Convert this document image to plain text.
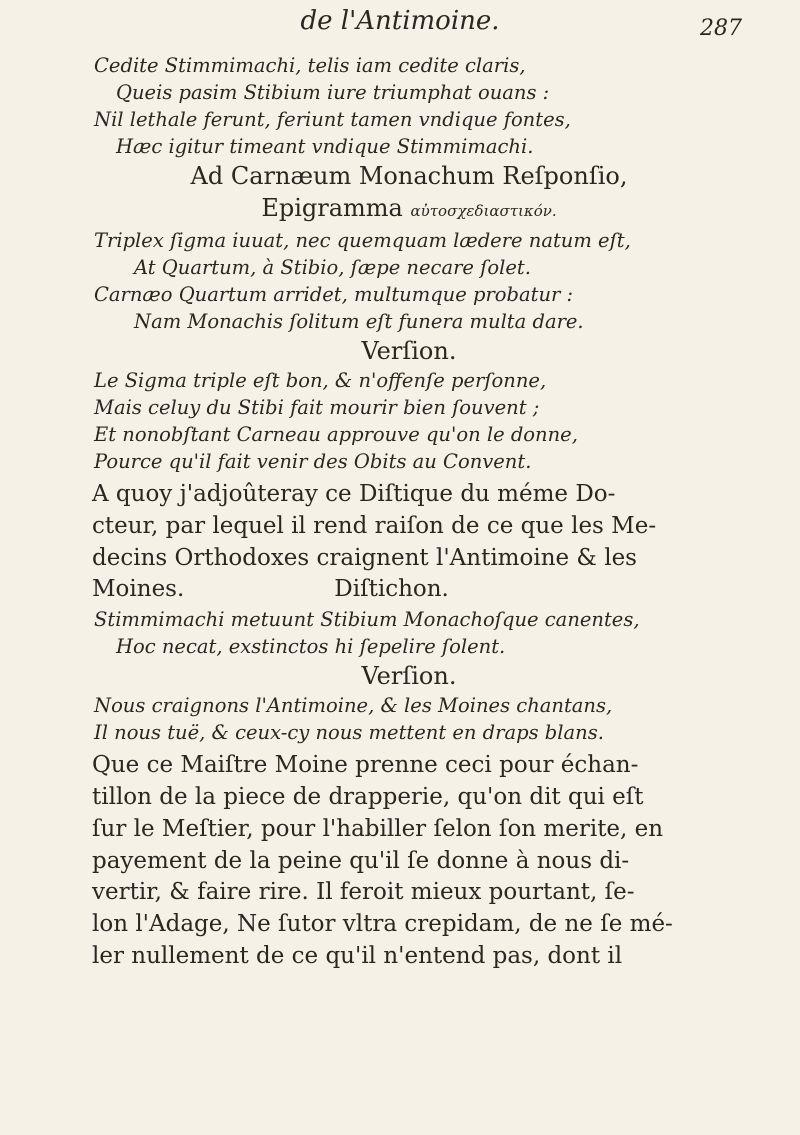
de l'Antimoine.	287
Cedite Stimmimachi, telis iam cedite claris,
Queis pasim Stibium iure triumphat ouans :
Nil lethale ferunt, feriunt tamen vndique fontes,
Hæc igitur timeant vndique Stimmimachi.
Ad Carnæum Monachum Reſponſio,
Epigramma αὐτοσχεδιαστικόν.
Triplex ſigma iuuat, nec quemquam lædere natum eſt,
At Quartum, à Stibio, ſæpe necare ſolet.
Carnæo Quartum arridet, multumque probatur :
Nam Monachis ſolitum eſt funera multa dare.
Verſion.
Le Sigma triple eſt bon, & n'offenſe perſonne,
Mais celuy du Stibi fait mourir bien ſouvent ;
Et nonobſtant Carneau approuve qu'on le donne,
Pource qu'il fait venir des Obits au Convent.
A quoy j'adjoûteray ce Diſtique du méme Do-
cteur, par lequel il rend raiſon de ce que les Me-
decins Orthodoxes craignent l'Antimoine & les
Moines.	Diſtichon.
Stimmimachi metuunt Stibium Monachoſque canentes,
Hoc necat, exstinctos hi ſepelire ſolent.
Verſion.
Nous craignons l'Antimoine, & les Moines chantans,
Il nous tuë, & ceux-cy nous mettent en draps blans.
Que ce Maiſtre Moine prenne ceci pour échan-
tillon de la piece de drapperie, qu'on dit qui eſt
ſur le Meſtier, pour l'habiller ſelon ſon merite, en
payement de la peine qu'il ſe donne à nous di-
vertir, & faire rire. Il feroit mieux pourtant, ſe-
lon l'Adage, Ne ſutor vltra crepidam, de ne ſe mé-
ler nullement de ce qu'il n'entend pas, dont il
